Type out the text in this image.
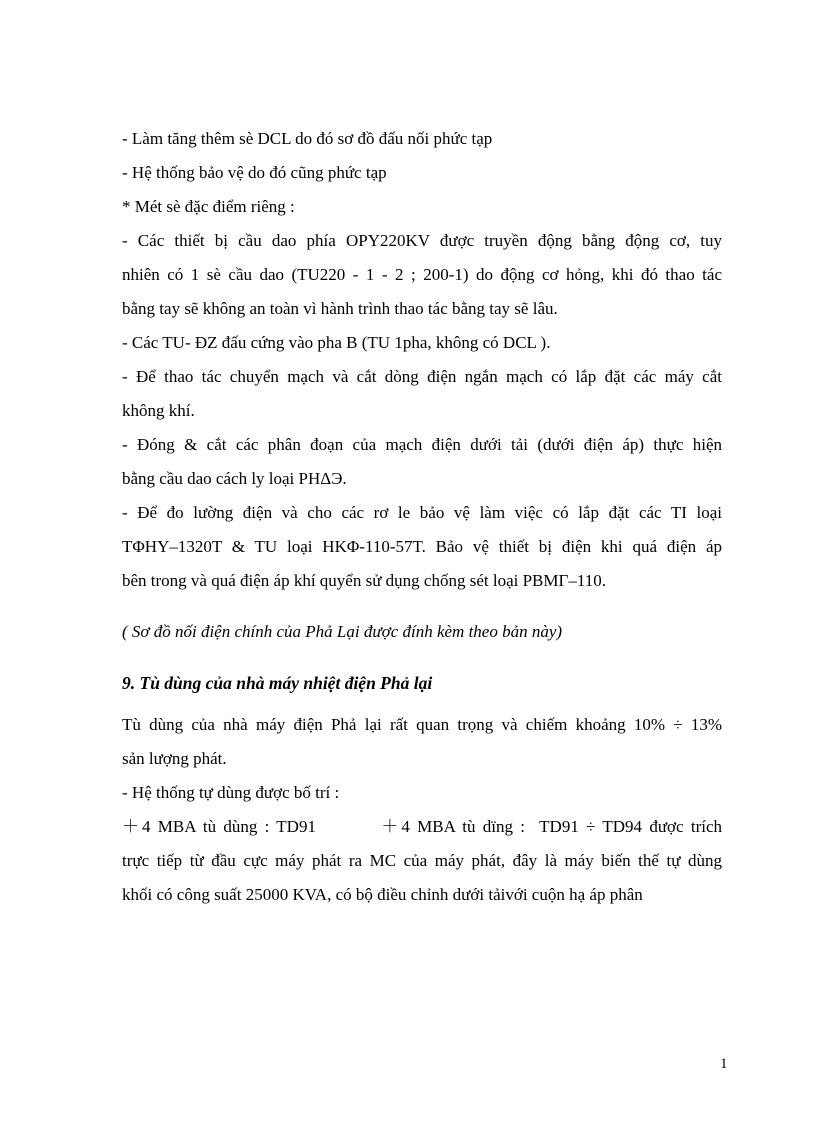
- Làm tăng thêm sè DCL do đó sơ đồ đấu nối phức tạp

- Hệ thống bảo vệ do đó cũng phức tạp

* Mét sè đặc điểm riêng :

- Các thiết bị cầu dao phía OPY220KV được truyền động bằng động cơ, tuy

nhiên có 1 sè cầu dao (TU220 - 1 - 2 ; 200-1) do động cơ hỏng, khi đó thao tác

bằng tay sẽ không an toàn vì hành trình thao tác bằng tay sẽ lâu.

- Các TU- ĐZ đấu cứng vào pha B (TU 1pha, không có DCL ).

- Để thao tác chuyển mạch và cắt dòng điện ngắn mạch có lắp đặt các máy cắt

không khí.

- Đóng & cắt các phân đoạn của mạch điện dưới tải (dưới điện áp) thực hiện

bằng cầu dao cách ly loại PHΔЭ.

- Để đo lường điện và cho các rơ le bảo vệ làm việc có lắp đặt các TI loại

TΦHY–1320T & TU loại HKΦ-110-57T. Bảo vệ thiết bị điện khi quá điện áp

bên trong và quá điện áp khí quyển sử dụng chống sét loại PBMΓ–110.

( Sơ đồ nối điện chính của Phả Lại được đính kèm theo bản này)

9. Tù dùng của nhà máy nhiệt điện Phả lại

Tù dùng của nhà máy điện Phả lại rất quan trọng và chiếm khoảng 10% ÷ 13%

sản lượng phát.

- Hệ thống tự dùng được bố trí :

＋4 MBA tù dùng : TD91         ＋4 MBA tù dïng :  TD91 ÷ TD94 được trích

trực tiếp từ đầu cực máy phát ra MC của máy phát, đây là máy biến thế tự dùng

khối có công suất 25000 KVA, có bộ điều chỉnh dưới tảivới cuộn hạ áp phân

1
